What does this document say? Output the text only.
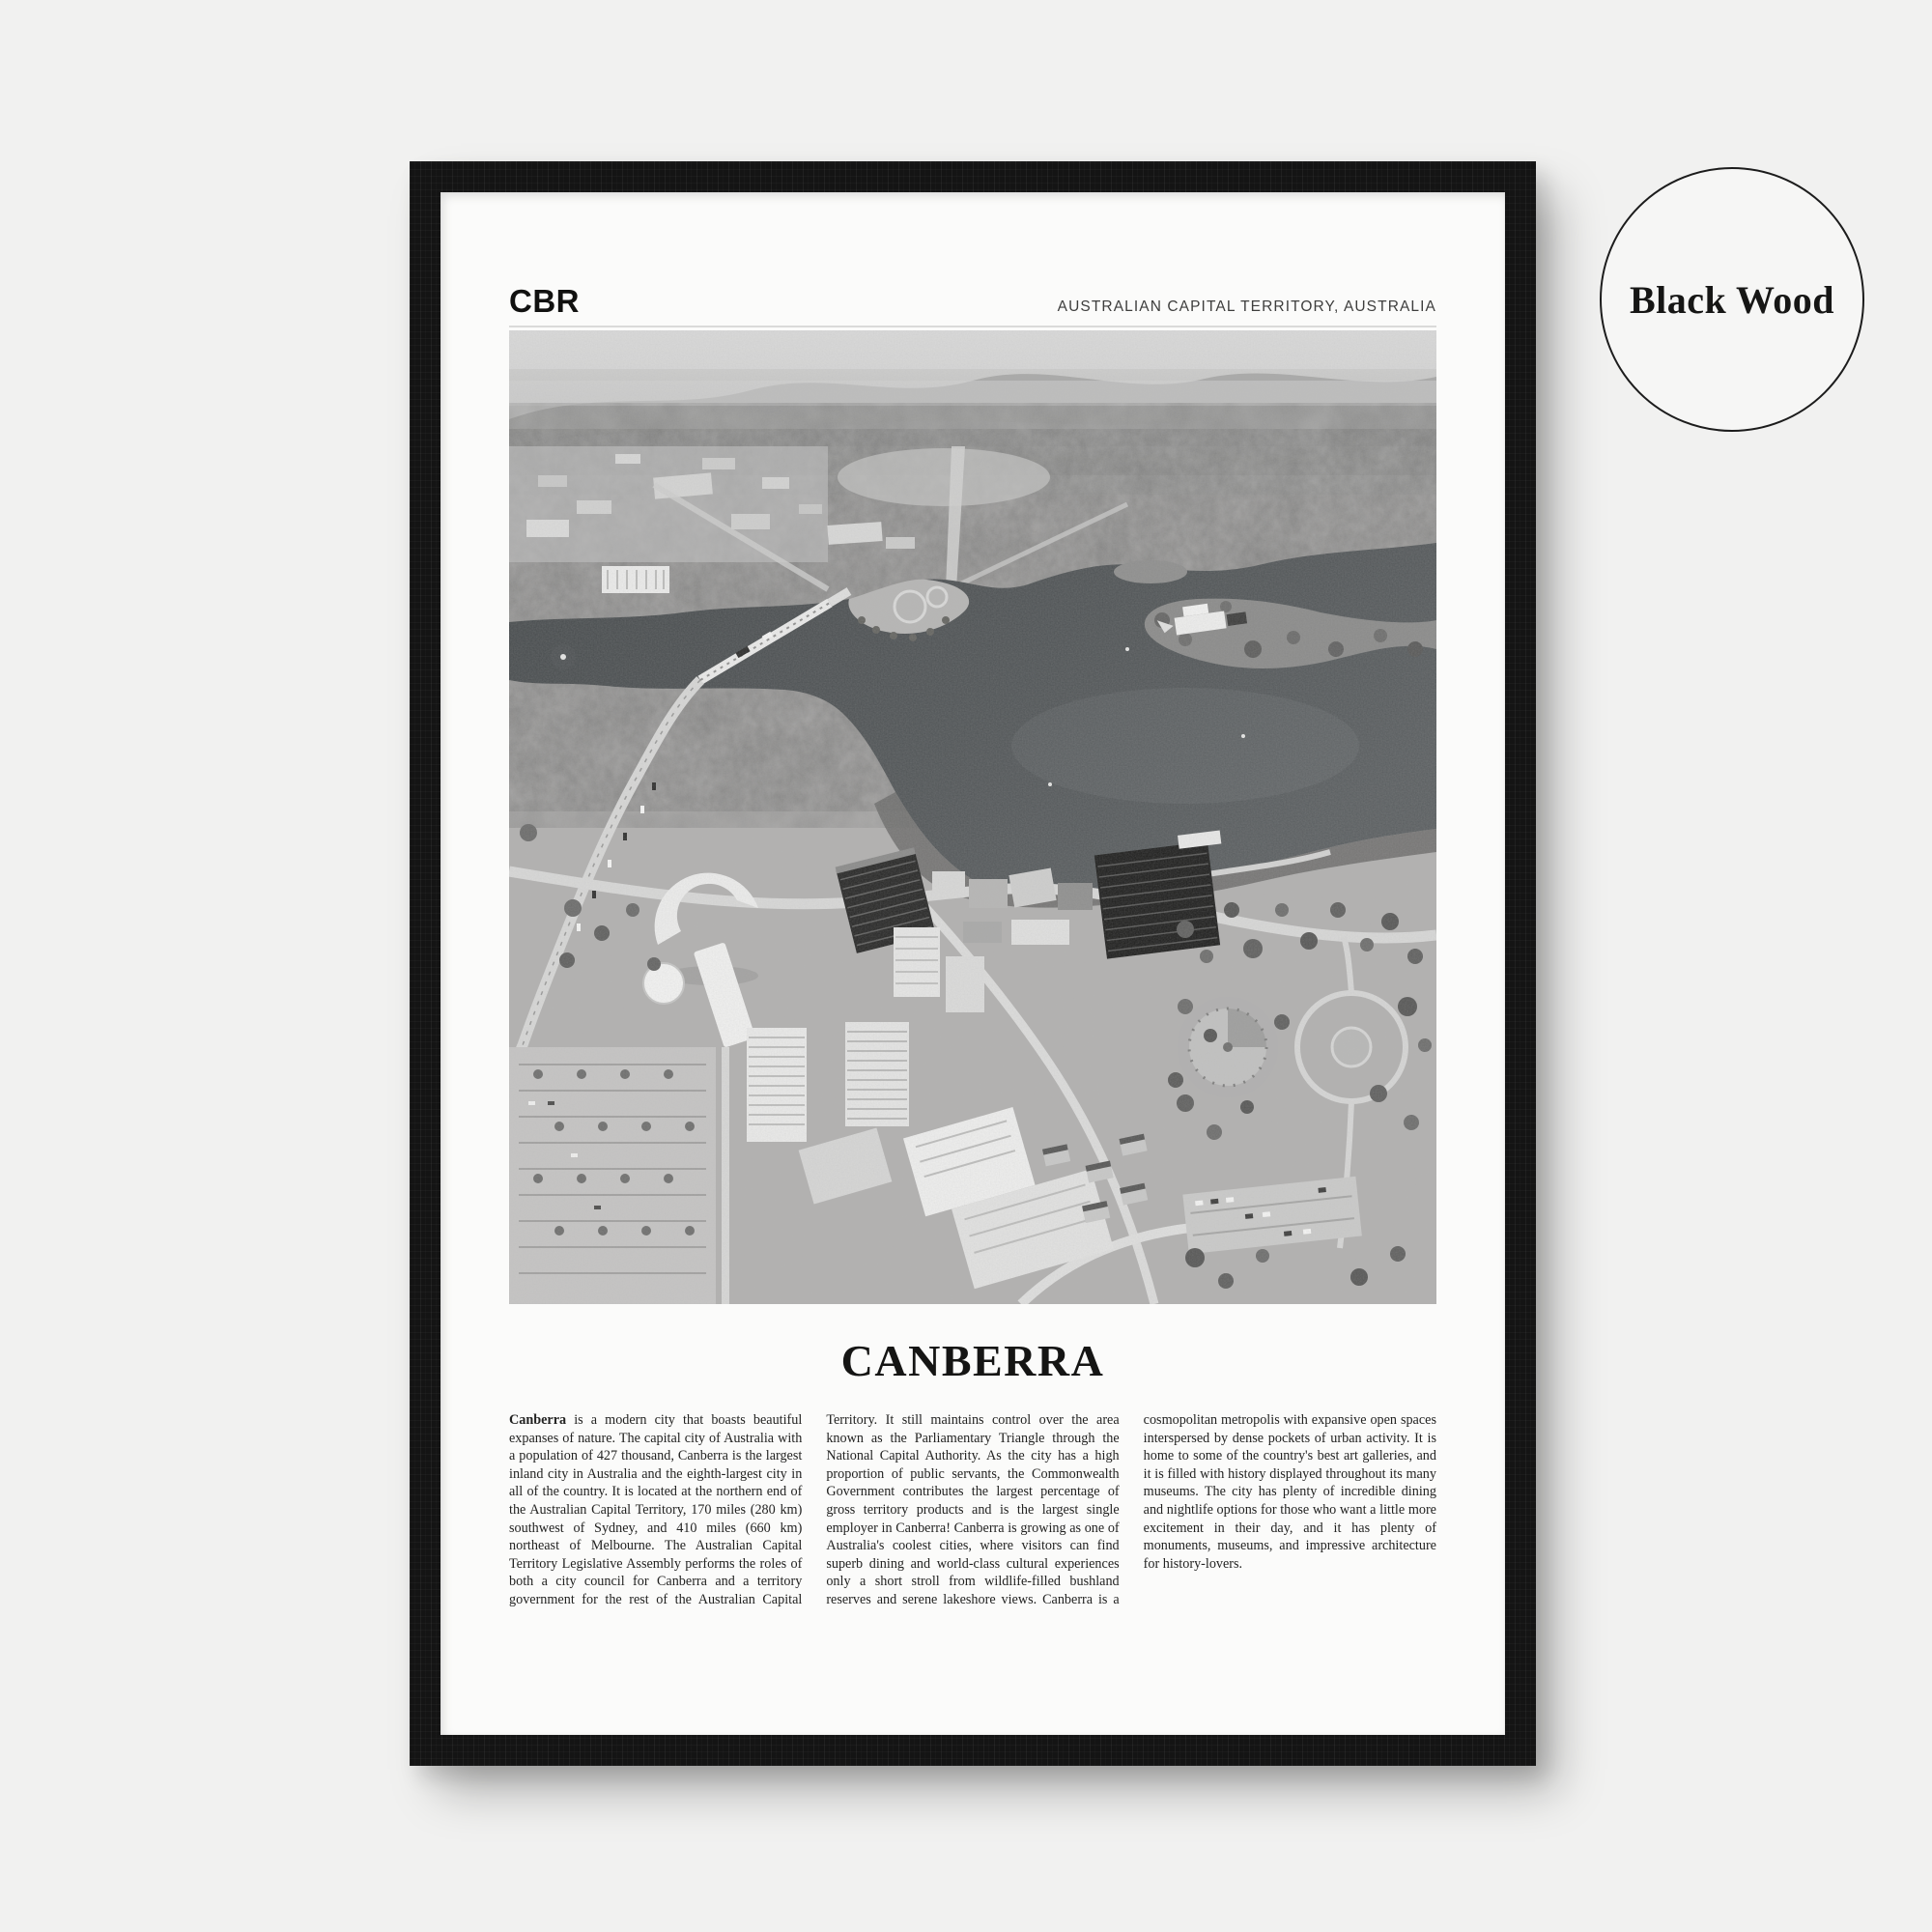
CBR	AUSTRALIAN CAPITAL TERRITORY, AUSTRALIA
CANBERRA

Canberra is a modern city that boasts beautiful expanses of nature. The capital city of Australia with a population of 427 thousand, Canberra is the largest inland city in Australia and the eighth-largest city in all of the country. It is located at the northern end of the Australian Capital Territory, 170 miles (280 km) southwest of Sydney, and 410 miles (660 km) northeast of Melbourne. The Australian Capital Territory Legislative Assembly performs the roles of both a city council for Canberra and a territory government for the rest of the Australian Capital Territory. It still maintains control over the area known as the Parliamentary Triangle through the National Capital Authority. As the city has a high proportion of public servants, the Commonwealth Government contributes the largest percentage of gross territory products and is the largest single employer in Canberra! Canberra is growing as one of Australia's coolest cities, where visitors can find superb dining and world-class cultural experiences only a short stroll from wildlife-filled bushland reserves and serene lakeshore views. Canberra is a cosmopolitan metropolis with expansive open spaces interspersed by dense pockets of urban activity. It is home to some of the country's best art galleries, and it is filled with history displayed throughout its many museums. The city has plenty of incredible dining and nightlife options for those who want a little more excitement in their day, and it has plenty of monuments, museums, and impressive architecture for history-lovers.

Black Wood
